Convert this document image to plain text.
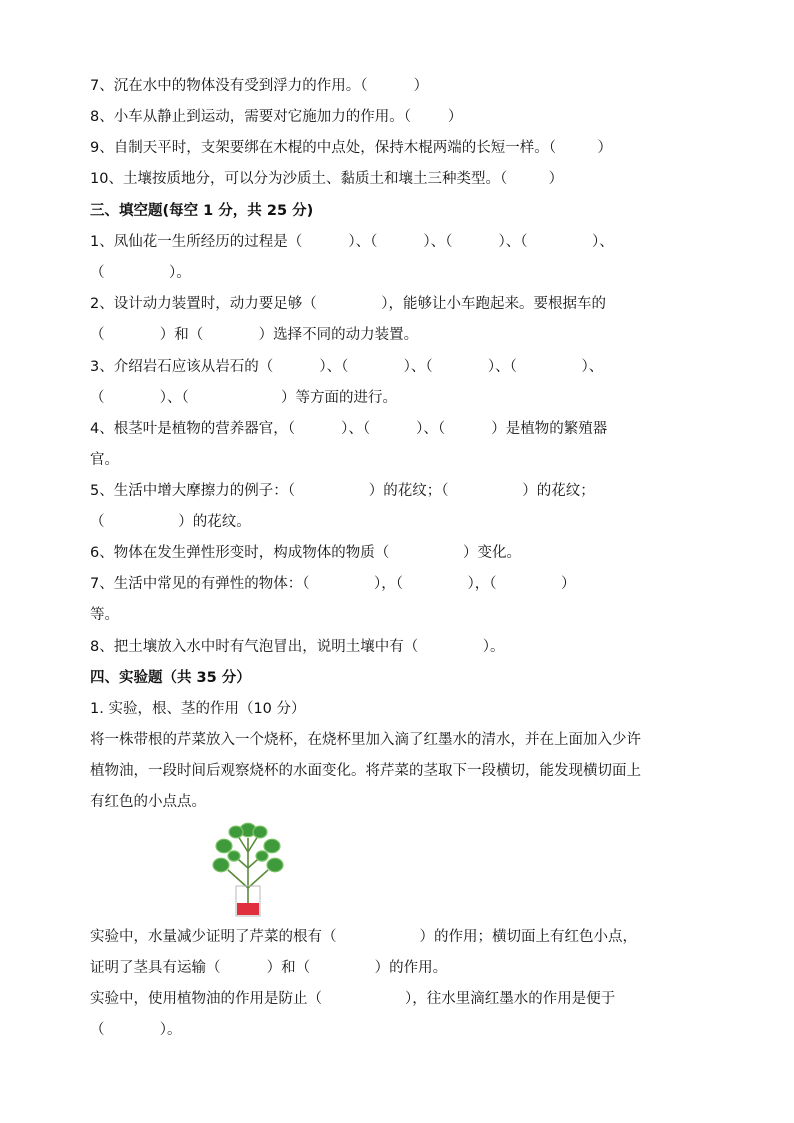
7、沉在水中的物体没有受到浮力的作用。（          ）
8、小车从静止到运动，需要对它施加力的作用。（        ）
9、自制天平时，支架要绑在木棍的中点处，保持木棍两端的长短一样。（         ）
10、土壤按质地分，可以分为沙质土、黏质土和壤土三种类型。（         ）
三、填空题(每空 1 分，共 25 分)
1、凤仙花一生所经历的过程是（          ）、（          ）、（          ）、（              ）、
（              ）。
2、设计动力装置时，动力要足够（              ），能够让小车跑起来。要根据车的
（            ）和（            ）选择不同的动力装置。
3、介绍岩石应该从岩石的（          ）、（            ）、（            ）、（              ）、
（            ）、（                    ）等方面的进行。
4、根茎叶是植物的营养器官，（          ）、（          ）、（          ）是植物的繁殖器
官。
5、生活中增大摩擦力的例子：（                ）的花纹；（                ）的花纹；
（                ）的花纹。
6、物体在发生弹性形变时，构成物体的物质（                ）变化。
7、生活中常见的有弹性的物体：（              ），（              ），（              ）
等。
8、把土壤放入水中时有气泡冒出，说明土壤中有（              ）。
四、实验题（共 35 分）
1. 实验，根、茎的作用（10 分）
将一株带根的芹菜放入一个烧杯，在烧杯里加入滴了红墨水的清水，并在上面加入少许
植物油，一段时间后观察烧杯的水面变化。将芹菜的茎取下一段横切，能发现横切面上
有红色的小点点。
实验中，水量减少证明了芹菜的根有（                  ）的作用；横切面上有红色小点，
证明了茎具有运输（          ）和（              ）的作用。
实验中，使用植物油的作用是防止（                  ），往水里滴红墨水的作用是便于
（            ）。
